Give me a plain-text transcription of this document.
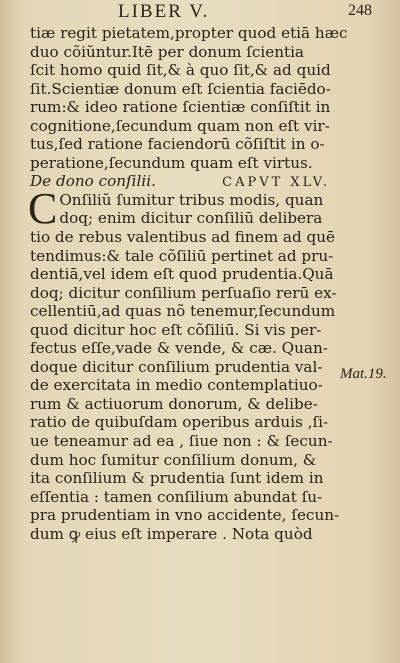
LIBER V.	248
tiæ regit pietatem,propter quod etiā hæc
duo cõiŭntur.Itē per donum ſcientia
ſcit homo quid ſit,& à quo ſit,& ad quid
ſit.Scientiæ donum eſt ſcientia faciēdo-
rum:& ideo ratione ſcientiæ conſiſtit in
cognitione,ſecundum quam non eſt vir-
tus,ſed ratione faciendorū cõſiſtit in o-
peratione,ſecundum quam eſt virtus.
De dono conſilii.	CAPVT XLV.
C Onſiliŭ ſumitur tribus modis, quan
doq; enim dicitur conſiliū delibera
tio de rebus valentibus ad finem ad quē
tendimus:& tale cõſiliū pertinet ad pru-
dentiā,vel idem eſt quod prudentia.Quā
doq; dicitur conſilium perſuaſio rerū ex-
cellentiū,ad quas nõ tenemur,ſecundum
quod dicitur hoc eſt cõſiliū. Si vis per-
fectus eſſe,vade & vende, & cæ. Quan-
doque dicitur conſilium prudentia val-
de exercitata in medio contemplatiuo-
rum & actiuorum donorum, & delibe-
ratio de quibuſdam operibus arduis ,ſi-
ue teneamur ad ea , ſiue non : & ſecun-
dum hoc ſumitur conſilium donum, &
ita conſilium & prudentia ſunt idem in
eſſentia : tamen conſilium abundat ſu-
pra prudentiam in vno accidente, ſecun-
dum ꝙ eius eſt imperare . Nota quòd
Mat.19.
